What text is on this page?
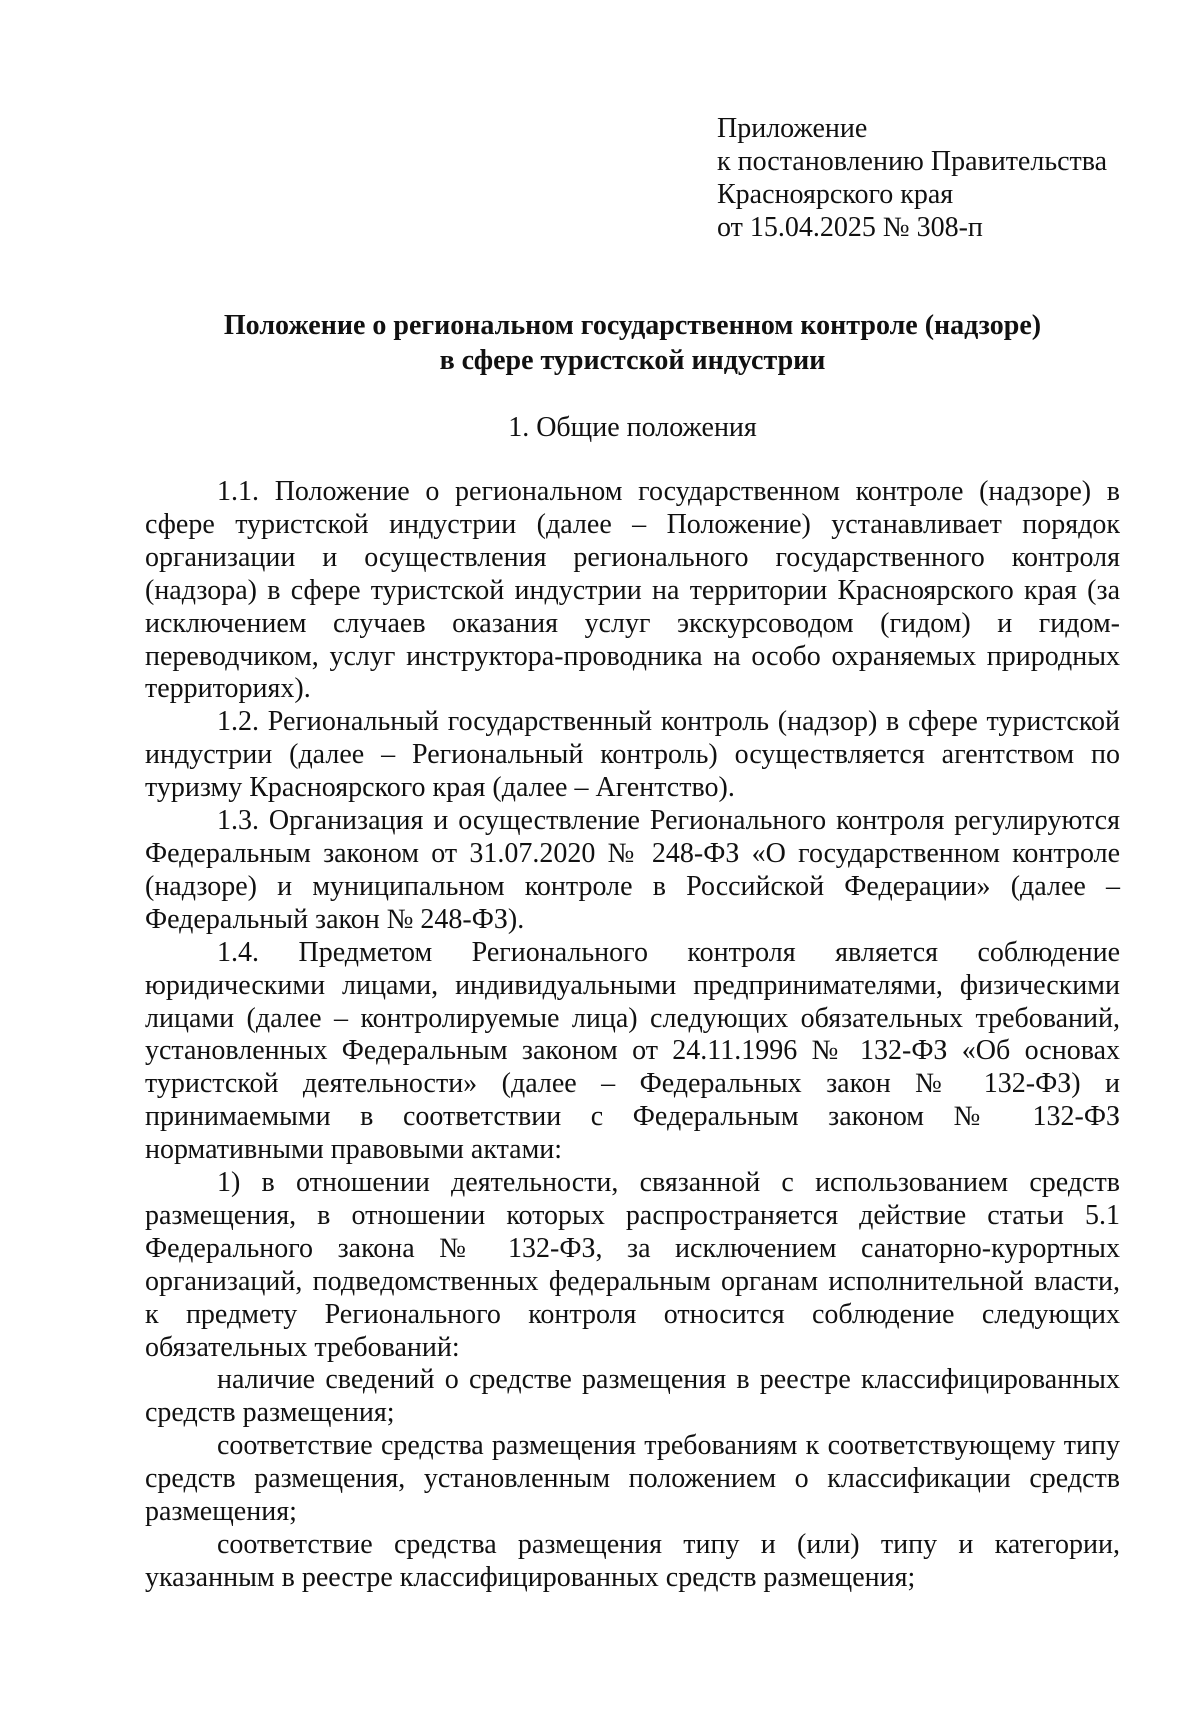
Приложение
к постановлению Правительства
Красноярского края
от 15.04.2025 № 308-п
Положение о региональном государственном контроле (надзоре)
в сфере туристской индустрии
1. Общие положения

1.1. Положение о региональном государственном контроле (надзоре) в сфере туристской индустрии (далее – Положение) устанавливает порядок организации и осуществления регионального государственного контроля (надзора) в сфере туристской индустрии на территории Красноярского края (за исключением случаев оказания услуг экскурсоводом (гидом) и гидом-переводчиком, услуг инструктора-проводника на особо охраняемых природных территориях).

1.2. Региональный государственный контроль (надзор) в сфере туристской индустрии (далее – Региональный контроль) осуществляется агентством по туризму Красноярского края (далее – Агентство).

1.3. Организация и осуществление Регионального контроля регулируются Федеральным законом от 31.07.2020 № 248-ФЗ «О государственном контроле (надзоре) и муниципальном контроле в Российской Федерации» (далее – Федеральный закон № 248-ФЗ).

1.4. Предметом Регионального контроля является соблюдение юридическими лицами, индивидуальными предпринимателями, физическими лицами (далее – контролируемые лица) следующих обязательных требований, установленных Федеральным законом от 24.11.1996 № 132-ФЗ «Об основах туристской деятельности» (далее – Федеральных закон № 132-ФЗ) и принимаемыми в соответствии с Федеральным законом № 132-ФЗ нормативными правовыми актами:

1) в отношении деятельности, связанной с использованием средств размещения, в отношении которых распространяется действие статьи 5.1 Федерального закона № 132-ФЗ, за исключением санаторно-курортных организаций, подведомственных федеральным органам исполнительной власти, к предмету Регионального контроля относится соблюдение следующих обязательных требований:

наличие сведений о средстве размещения в реестре классифицированных средств размещения;

соответствие средства размещения требованиям к соответствующему типу средств размещения, установленным положением о классификации средств размещения;

соответствие средства размещения типу и (или) типу и категории, указанным в реестре классифицированных средств размещения;
